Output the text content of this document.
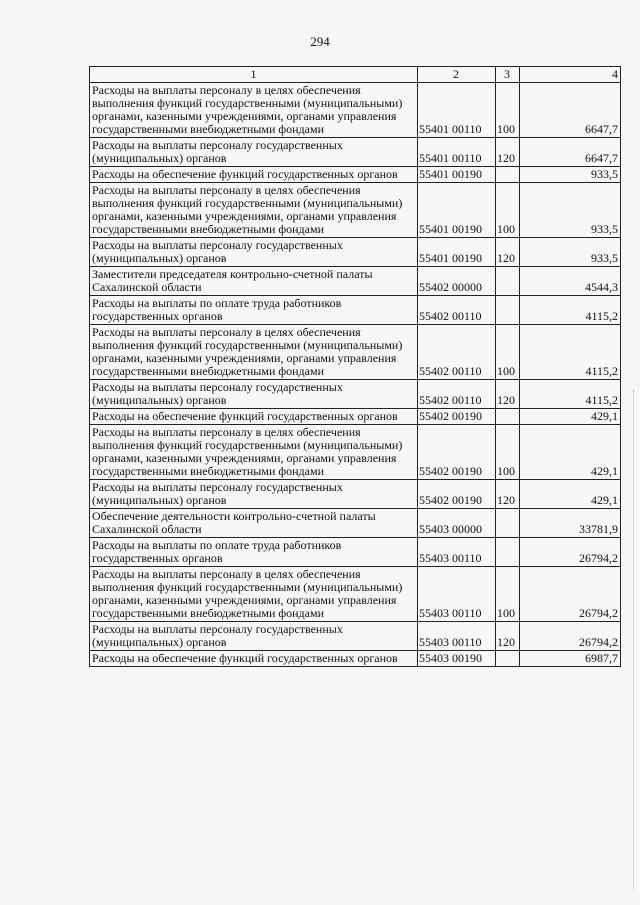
294
1	2	3	4
Расходы на выплаты персоналу в целях обеспечения выполнения функций государственными (муниципальными) органами, казенными учреждениями, органами управления государственными внебюджетными фондами	55401 00110	100	6647,7
Расходы на выплаты персоналу государственных (муниципальных) органов	55401 00110	120	6647,7
Расходы на обеспечение функций государственных органов	55401 00190		933,5
Расходы на выплаты персоналу в целях обеспечения выполнения функций государственными (муниципальными) органами, казенными учреждениями, органами управления государственными внебюджетными фондами	55401 00190	100	933,5
Расходы на выплаты персоналу государственных (муниципальных) органов	55401 00190	120	933,5
Заместители председателя контрольно-счетной палаты Сахалинской области	55402 00000		4544,3
Расходы на выплаты по оплате труда работников государственных органов	55402 00110		4115,2
Расходы на выплаты персоналу в целях обеспечения выполнения функций государственными (муниципальными) органами, казенными учреждениями, органами управления государственными внебюджетными фондами	55402 00110	100	4115,2
Расходы на выплаты персоналу государственных (муниципальных) органов	55402 00110	120	4115,2
Расходы на обеспечение функций государственных органов	55402 00190		429,1
Расходы на выплаты персоналу в целях обеспечения выполнения функций государственными (муниципальными) органами, казенными учреждениями, органами управления государственными внебюджетными фондами	55402 00190	100	429,1
Расходы на выплаты персоналу государственных (муниципальных) органов	55402 00190	120	429,1
Обеспечение деятельности контрольно-счетной палаты Сахалинской области	55403 00000		33781,9
Расходы на выплаты по оплате труда работников государственных органов	55403 00110		26794,2
Расходы на выплаты персоналу в целях обеспечения выполнения функций государственными (муниципальными) органами, казенными учреждениями, органами управления государственными внебюджетными фондами	55403 00110	100	26794,2
Расходы на выплаты персоналу государственных (муниципальных) органов	55403 00110	120	26794,2
Расходы на обеспечение функций государственных органов	55403 00190		6987,7
